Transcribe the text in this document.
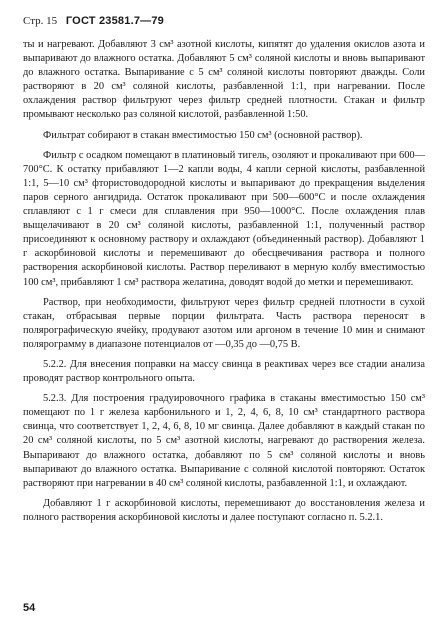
Стр. 15 ГОСТ 23581.7—79

ты и нагревают. Добавляют 3 см³ азотной кислоты, кипятят до удаления окислов азота и выпаривают до влажного остатка. Добавляют 5 см³ соляной кислоты и вновь выпаривают до влажного остатка. Выпаривание с 5 см³ соляной кислоты повторяют дважды. Соли растворяют в 20 см³ соляной кислоты, разбавленной 1:1, при нагревании. После охлаждения раствор фильтруют через фильтр средней плотности. Стакан и фильтр промывают несколько раз соляной кислотой, разбавленной 1:50.

Фильтрат собирают в стакан вместимостью 150 см³ (основной раствор).

Фильтр с осадком помещают в платиновый тигель, озоляют и прокаливают при 600—700°С. К остатку прибавляют 1—2 капли воды, 4 капли серной кислоты, разбавленной 1:1, 5—10 см³ фтористоводородной кислоты и выпаривают до прекращения выделения паров серного ангидрида. Остаток прокаливают при 500—600°С и после охлаждения сплавляют с 1 г смеси для сплавления при 950—1000°С. После охлаждения плав выщелачивают в 20 см³ соляной кислоты, разбавленной 1:1, полученный раствор присоединяют к основному раствору и охлаждают (объединенный раствор). Добавляют 1 г аскорбиновой кислоты и перемешивают до обесцвечивания раствора и полного растворения аскорбиновой кислоты. Раствор переливают в мерную колбу вместимостью 100 см³, прибавляют 1 см³ раствора желатина, доводят водой до метки и перемешивают.

Раствор, при необходимости, фильтруют через фильтр средней плотности в сухой стакан, отбрасывая первые порции фильтрата. Часть раствора переносят в полярографическую ячейку, продувают азотом или аргоном в течение 10 мин и снимают полярограмму в диапазоне потенциалов от —0,35 до —0,75 В.

5.2.2. Для внесения поправки на массу свинца в реактивах через все стадии анализа проводят раствор контрольного опыта.

5.2.3. Для построения градуировочного графика в стаканы вместимостью 150 см³ помещают по 1 г железа карбонильного и 1, 2, 4, 6, 8, 10 см³ стандартного раствора свинца, что соответствует 1, 2, 4, 6, 8, 10 мг свинца. Далее добавляют в каждый стакан по 20 см³ соляной кислоты, по 5 см³ азотной кислоты, нагревают до растворения железа. Выпаривают до влажного остатка, добавляют по 5 см³ соляной кислоты и вновь выпаривают до влажного остатка. Выпаривание с соляной кислотой повторяют. Остаток растворяют при нагревании в 40 см³ соляной кислоты, разбавленной 1:1, и охлаждают.

Добавляют 1 г аскорбиновой кислоты, перемешивают до восстановления железа и полного растворения аскорбиновой кислоты и далее поступают согласно п. 5.2.1.

54
